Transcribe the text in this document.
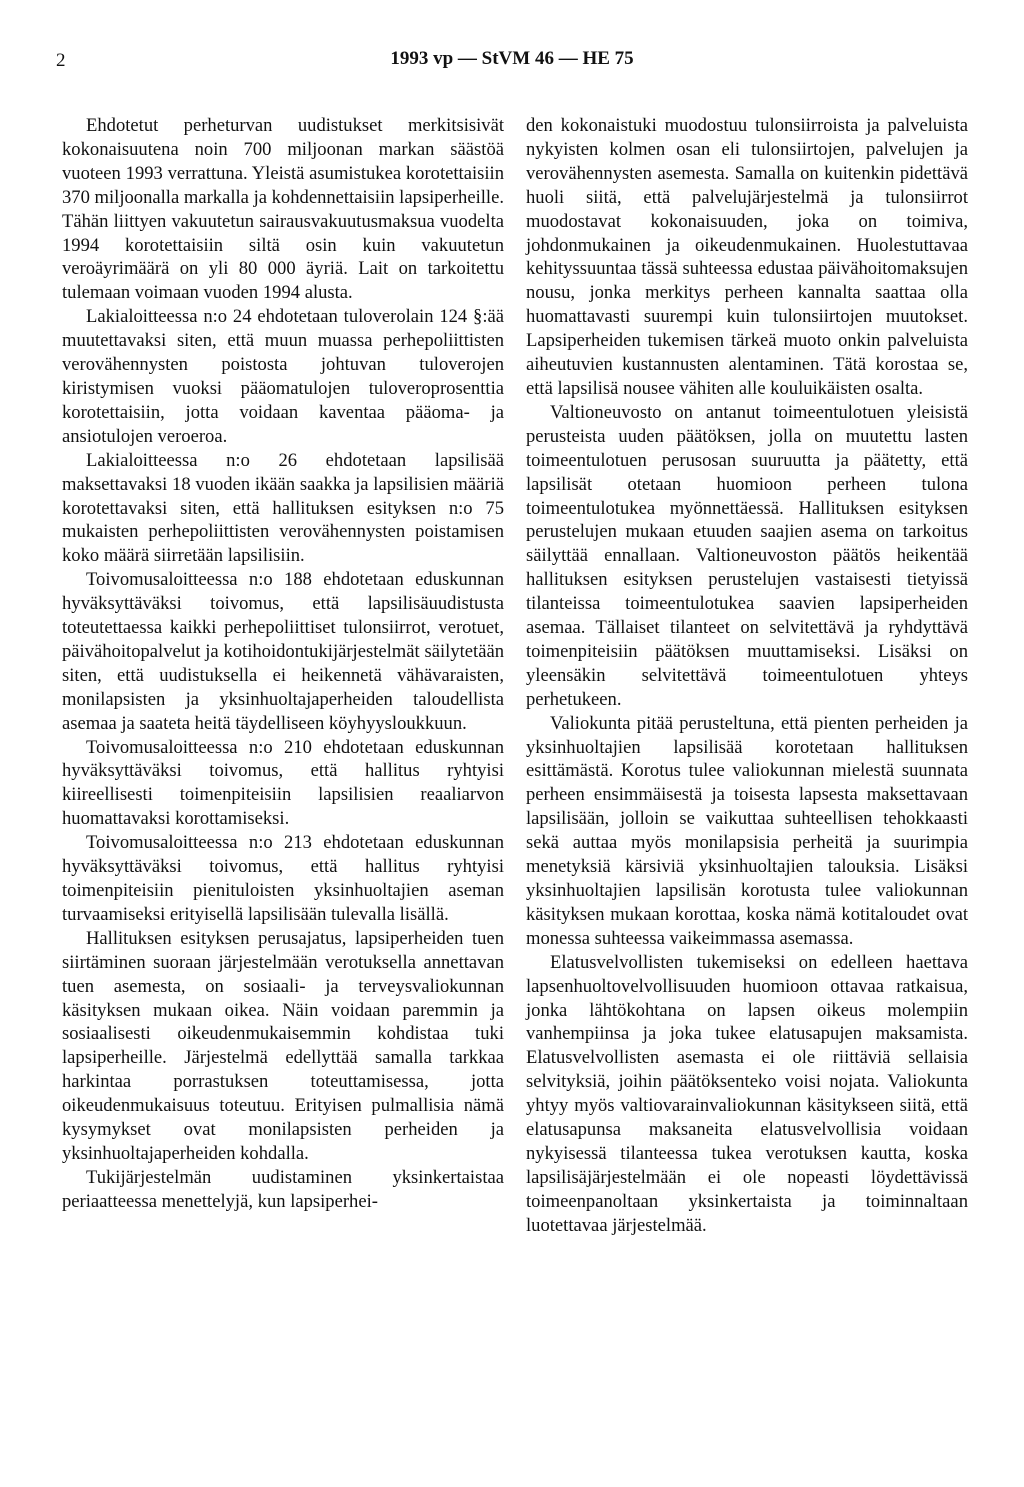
2	1993 vp — StVM 46 — HE 75

Ehdotetut perheturvan uudistukset merkitsisivät kokonaisuutena noin 700 miljoonan markan säästöä vuoteen 1993 verrattuna. Yleistä asumistukea korotettaisiin 370 miljoonalla markalla ja kohdennettaisiin lapsiperheille. Tähän liittyen vakuutetun sairausvakuutusmaksua vuodelta 1994 korotettaisiin siltä osin kuin vakuutetun veroäyrimäärä on yli 80 000 äyriä. Lait on tarkoitettu tulemaan voimaan vuoden 1994 alusta.

Lakialoitteessa n:o 24 ehdotetaan tuloverolain 124 §:ää muutettavaksi siten, että muun muassa perhepoliittisten verovähennysten poistosta johtuvan tuloverojen kiristymisen vuoksi pääomatulojen tuloveroprosenttia korotettaisiin, jotta voidaan kaventaa pääoma- ja ansiotulojen veroeroa.

Lakialoitteessa n:o 26 ehdotetaan lapsilisää maksettavaksi 18 vuoden ikään saakka ja lapsilisien määriä korotettavaksi siten, että hallituksen esityksen n:o 75 mukaisten perhepoliittisten verovähennysten poistamisen koko määrä siirretään lapsilisiin.

Toivomusaloitteessa n:o 188 ehdotetaan eduskunnan hyväksyttäväksi toivomus, että lapsilisäuudistusta toteutettaessa kaikki perhepoliittiset tulonsiirrot, verotuet, päivähoitopalvelut ja kotihoidontukijärjestelmät säilytetään siten, että uudistuksella ei heikennetä vähävaraisten, monilapsisten ja yksinhuoltajaperheiden taloudellista asemaa ja saateta heitä täydelliseen köyhyysloukkuun.

Toivomusaloitteessa n:o 210 ehdotetaan eduskunnan hyväksyttäväksi toivomus, että hallitus ryhtyisi kiireellisesti toimenpiteisiin lapsilisien reaaliarvon huomattavaksi korottamiseksi.

Toivomusaloitteessa n:o 213 ehdotetaan eduskunnan hyväksyttäväksi toivomus, että hallitus ryhtyisi toimenpiteisiin pienituloisten yksinhuoltajien aseman turvaamiseksi erityisellä lapsilisään tulevalla lisällä.

Hallituksen esityksen perusajatus, lapsiperheiden tuen siirtäminen suoraan järjestelmään verotuksella annettavan tuen asemesta, on sosiaali- ja terveysvaliokunnan käsityksen mukaan oikea. Näin voidaan paremmin ja sosiaalisesti oikeudenmukaisemmin kohdistaa tuki lapsiperheille. Järjestelmä edellyttää samalla tarkkaa harkintaa porrastuksen toteuttamisessa, jotta oikeudenmukaisuus toteutuu. Erityisen pulmallisia nämä kysymykset ovat monilapsisten perheiden ja yksinhuoltajaperheiden kohdalla.

Tukijärjestelmän uudistaminen yksinkertaistaa periaatteessa menettelyjä, kun lapsiperhei-

den kokonaistuki muodostuu tulonsiirroista ja palveluista nykyisten kolmen osan eli tulonsiirtojen, palvelujen ja verovähennysten asemesta. Samalla on kuitenkin pidettävä huoli siitä, että palvelujärjestelmä ja tulonsiirrot muodostavat kokonaisuuden, joka on toimiva, johdonmukainen ja oikeudenmukainen. Huolestuttavaa kehityssuuntaa tässä suhteessa edustaa päivähoitomaksujen nousu, jonka merkitys perheen kannalta saattaa olla huomattavasti suurempi kuin tulonsiirtojen muutokset. Lapsiperheiden tukemisen tärkeä muoto onkin palveluista aiheutuvien kustannusten alentaminen. Tätä korostaa se, että lapsilisä nousee vähiten alle kouluikäisten osalta.

Valtioneuvosto on antanut toimeentulotuen yleisistä perusteista uuden päätöksen, jolla on muutettu lasten toimeentulotuen perusosan suuruutta ja päätetty, että lapsilisät otetaan huomioon perheen tulona toimeentulotukea myönnettäessä. Hallituksen esityksen perustelujen mukaan etuuden saajien asema on tarkoitus säilyttää ennallaan. Valtioneuvoston päätös heikentää hallituksen esityksen perustelujen vastaisesti tietyissä tilanteissa toimeentulotukea saavien lapsiperheiden asemaa. Tällaiset tilanteet on selvitettävä ja ryhdyttävä toimenpiteisiin päätöksen muuttamiseksi. Lisäksi on yleensäkin selvitettävä toimeentulotuen yhteys perhetukeen.

Valiokunta pitää perusteltuna, että pienten perheiden ja yksinhuoltajien lapsilisää korotetaan hallituksen esittämästä. Korotus tulee valiokunnan mielestä suunnata perheen ensimmäisestä ja toisesta lapsesta maksettavaan lapsilisään, jolloin se vaikuttaa suhteellisen tehokkaasti sekä auttaa myös monilapsisia perheitä ja suurimpia menetyksiä kärsiviä yksinhuoltajien talouksia. Lisäksi yksinhuoltajien lapsilisän korotusta tulee valiokunnan käsityksen mukaan korottaa, koska nämä kotitaloudet ovat monessa suhteessa vaikeimmassa asemassa.

Elatusvelvollisten tukemiseksi on edelleen haettava lapsenhuoltovelvollisuuden huomioon ottavaa ratkaisua, jonka lähtökohtana on lapsen oikeus molempiin vanhempiinsa ja joka tukee elatusapujen maksamista. Elatusvelvollisten asemasta ei ole riittäviä sellaisia selvityksiä, joihin päätöksenteko voisi nojata. Valiokunta yhtyy myös valtiovarainvaliokunnan käsitykseen siitä, että elatusapunsa maksaneita elatusvelvollisia voidaan nykyisessä tilanteessa tukea verotuksen kautta, koska lapsilisäjärjestelmään ei ole nopeasti löydettävissä toimeenpanoltaan yksinkertaista ja toiminnaltaan luotettavaa järjestelmää.
